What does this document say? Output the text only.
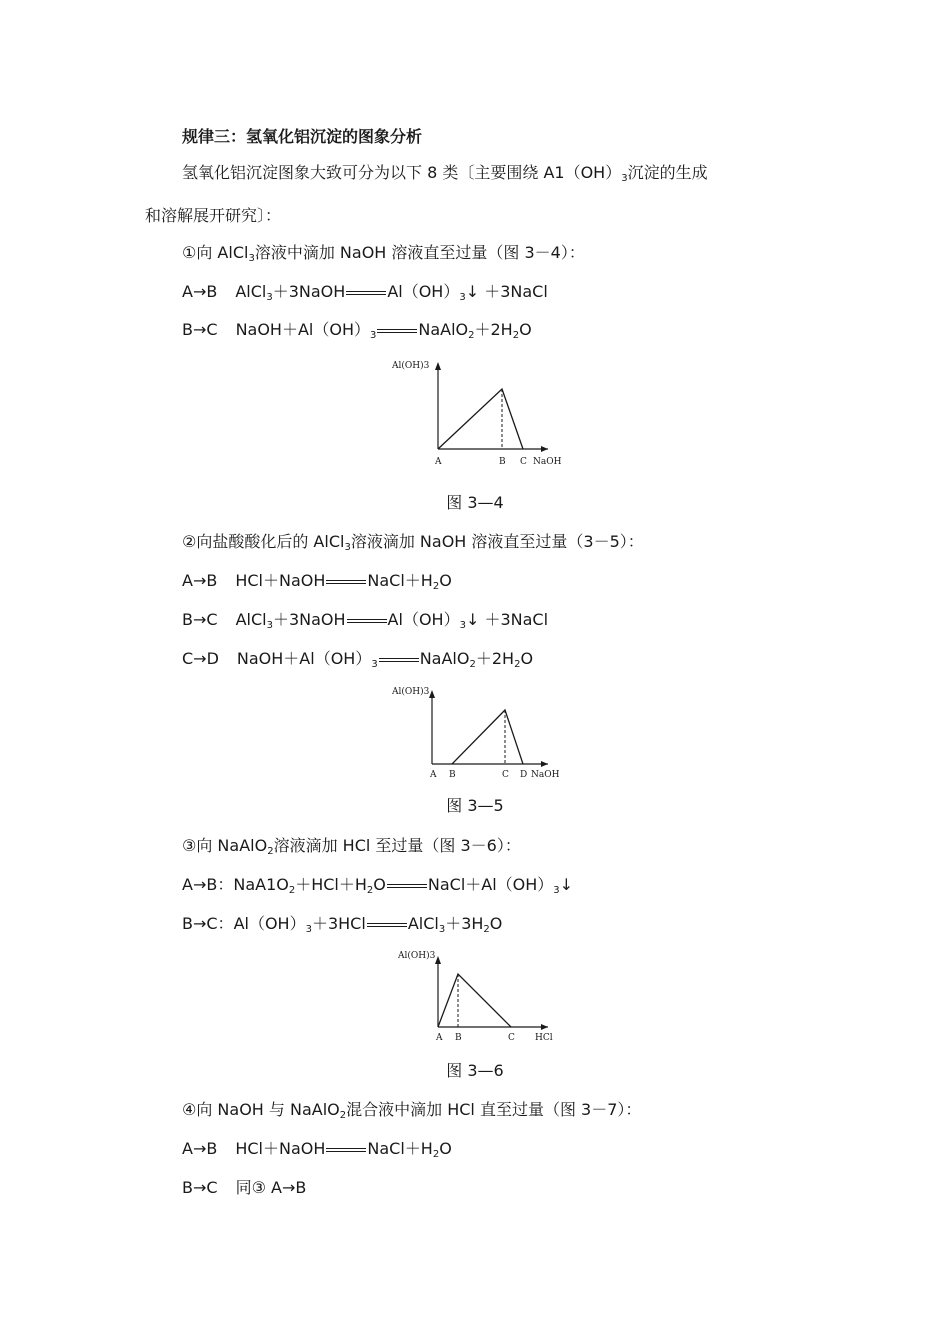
规律三：氢氧化铝沉淀的图象分析
氢氧化铝沉淀图象大致可分为以下 8 类〔主要围绕 $A1(OH)_3$沉淀的生成
和溶解展开研究〕：
①向 AlCl$_3$溶液中滴加 NaOH 溶液直至过量（图 3－4）：
A→B AlCl$_3$＋3NaOH	$Al(OH)_3↓$ ＋3NaCl
B→C $NaOH+Al(OH)_3$	$NaAlO_2+2H_2O$
Al(OH)3
A	B C NaOH
图 3—4
②向盐酸酸化后的 AlCl$_3$溶液滴加 NaOH 溶液直至过量（3－5）：
A→B HCl＋NaOH	$NaCl+H_2O$
B→C AlCl$_3$＋3NaOH	$Al(OH)_3↓$ ＋3NaCl
C→D $NaOH+Al(OH)_3$	$NaAlO_2+2H_2O$
Al(OH)3
A B	C D NaOH
图 3—5
③向 NaAlO$_2$溶液滴加 HCl 至过量（图 3－6）：
A→B：$NaA1O_2+HCl+H_2O$	$NaCl+Al(OH)_3↓$
B→C：$Al(OH)_3+3HCl$	$AlCl_3+3H_2O$
Al(OH)3
A B	C HCl
图 3—6
④向 NaOH 与 NaAlO$_2$混合液中滴加 HCl 直至过量（图 3－7）：
A→B HCl＋NaOH	$NaCl+H_2O$
B→C 同③ A→B
